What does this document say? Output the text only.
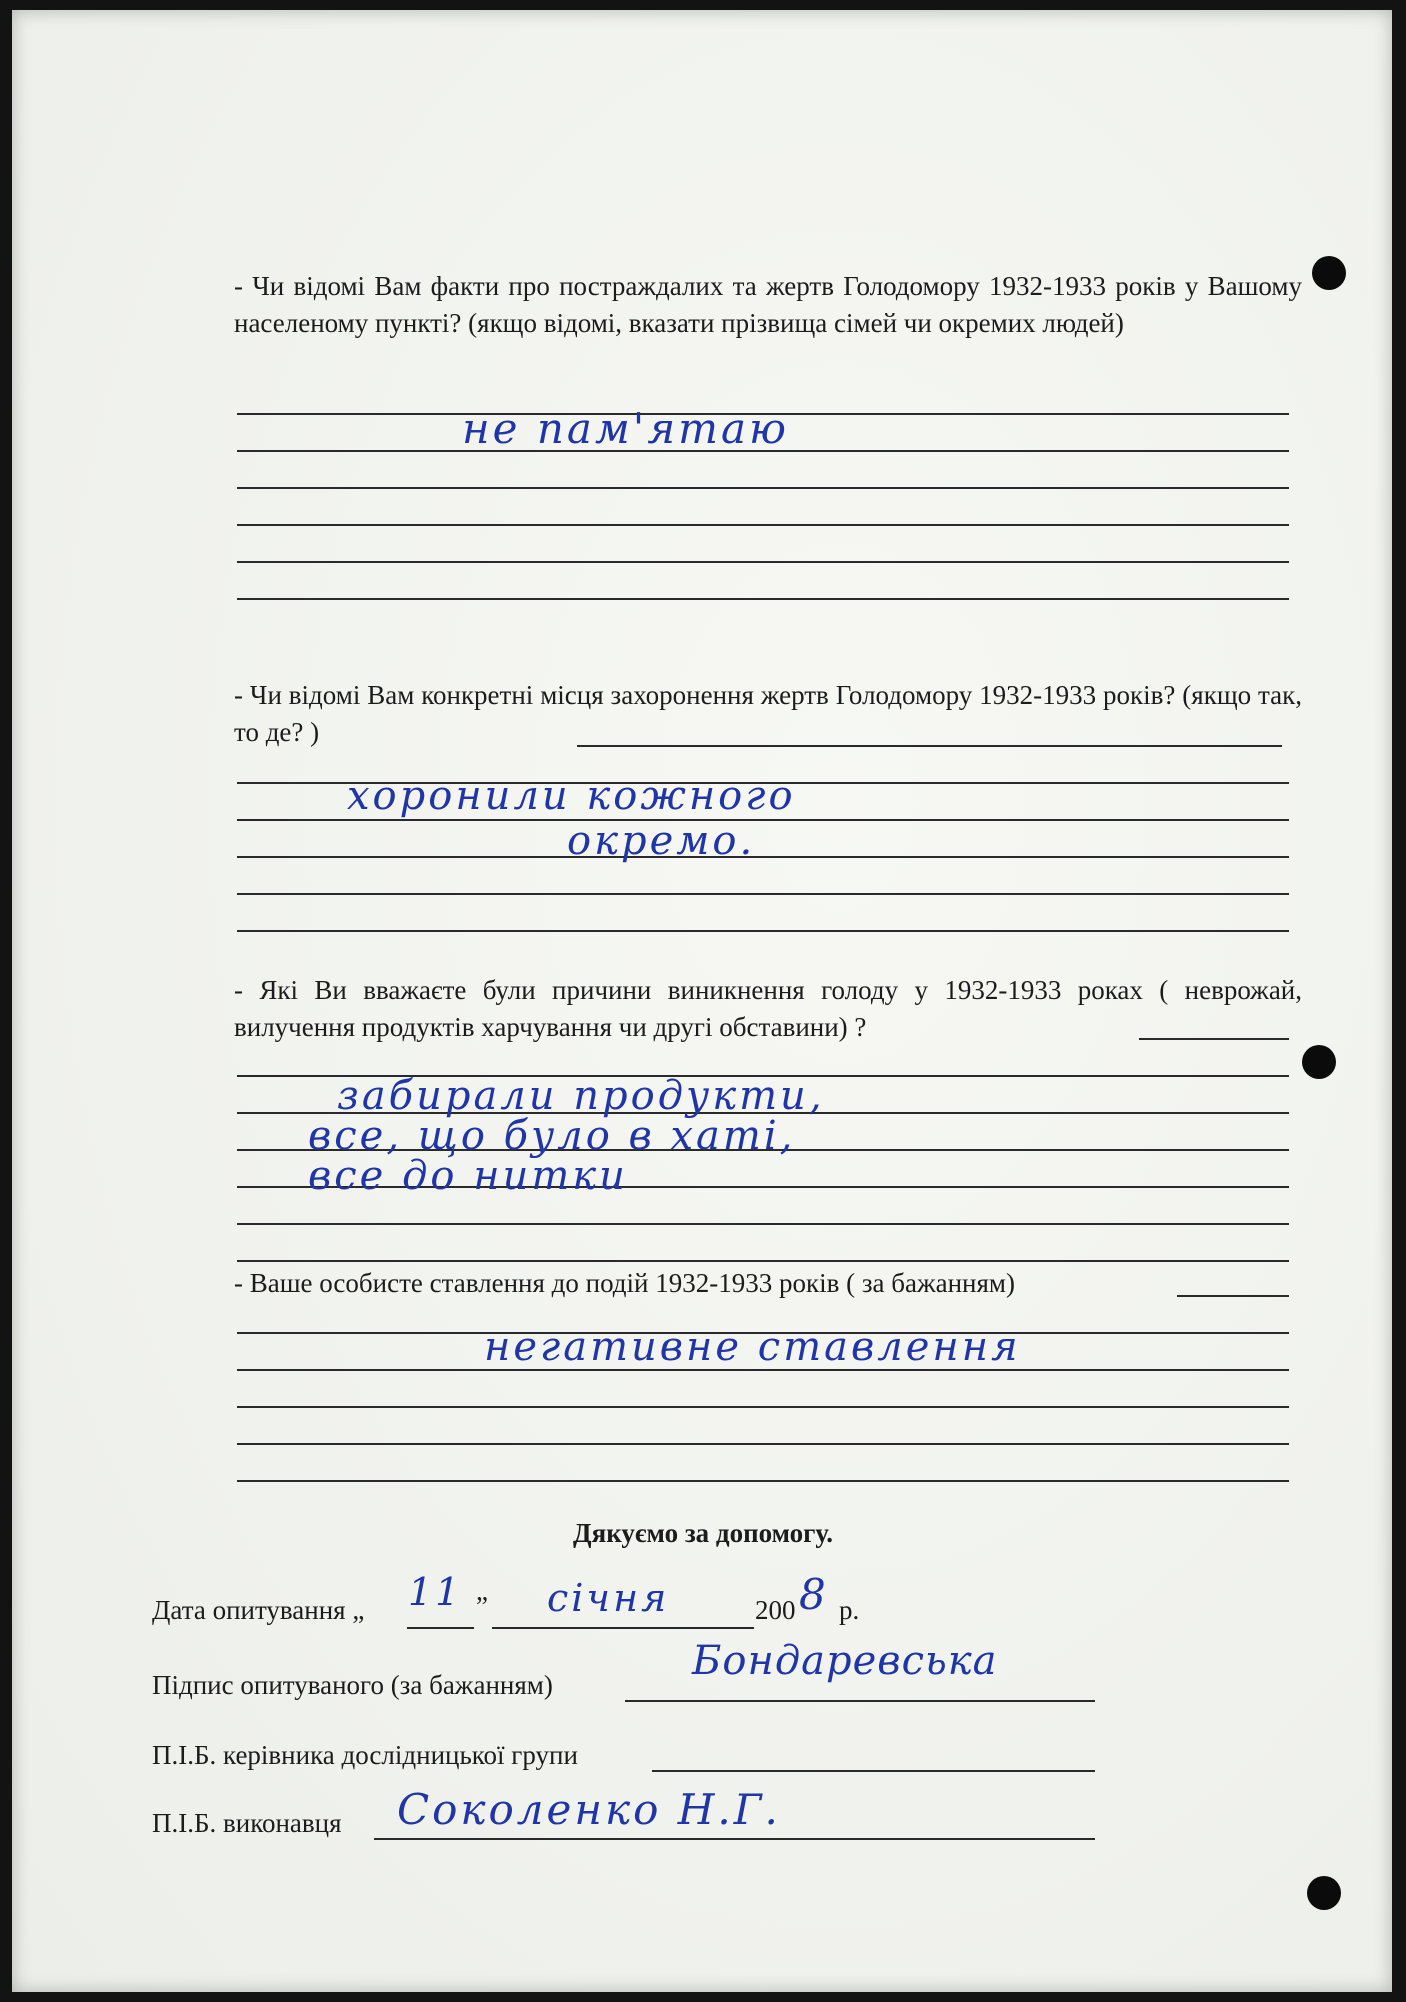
- Чи відомі Вам факти про постраждалих та жертв Голодомору 1932-1933 років у Вашому населеному пункті? (якщо відомі, вказати прізвища сімей чи окремих людей)

не пам'ятаю

- Чи відомі Вам конкретні місця захоронення жертв Голодомору 1932-1933 років? (якщо так, то де? )

хоронили кожного
окремо.

- Які Ви вважаєте були причини виникнення голоду у 1932-1933 роках ( неврожай, вилучення продуктів харчування чи другі обставини) ?

забирали продукти,
все, що було в хаті,
все до нитки

- Ваше особисте ставлення до подій 1932-1933 років ( за бажанням)

негативне ставлення
Дякуємо за допомогу.
Дата опитування „ 11 ” січня	200 8 р.
Підпис опитуваного (за бажанням)
Бондаревська
П.І.Б. керівника дослідницької групи
П.І.Б. виконавця Соколенко Н.Г.
